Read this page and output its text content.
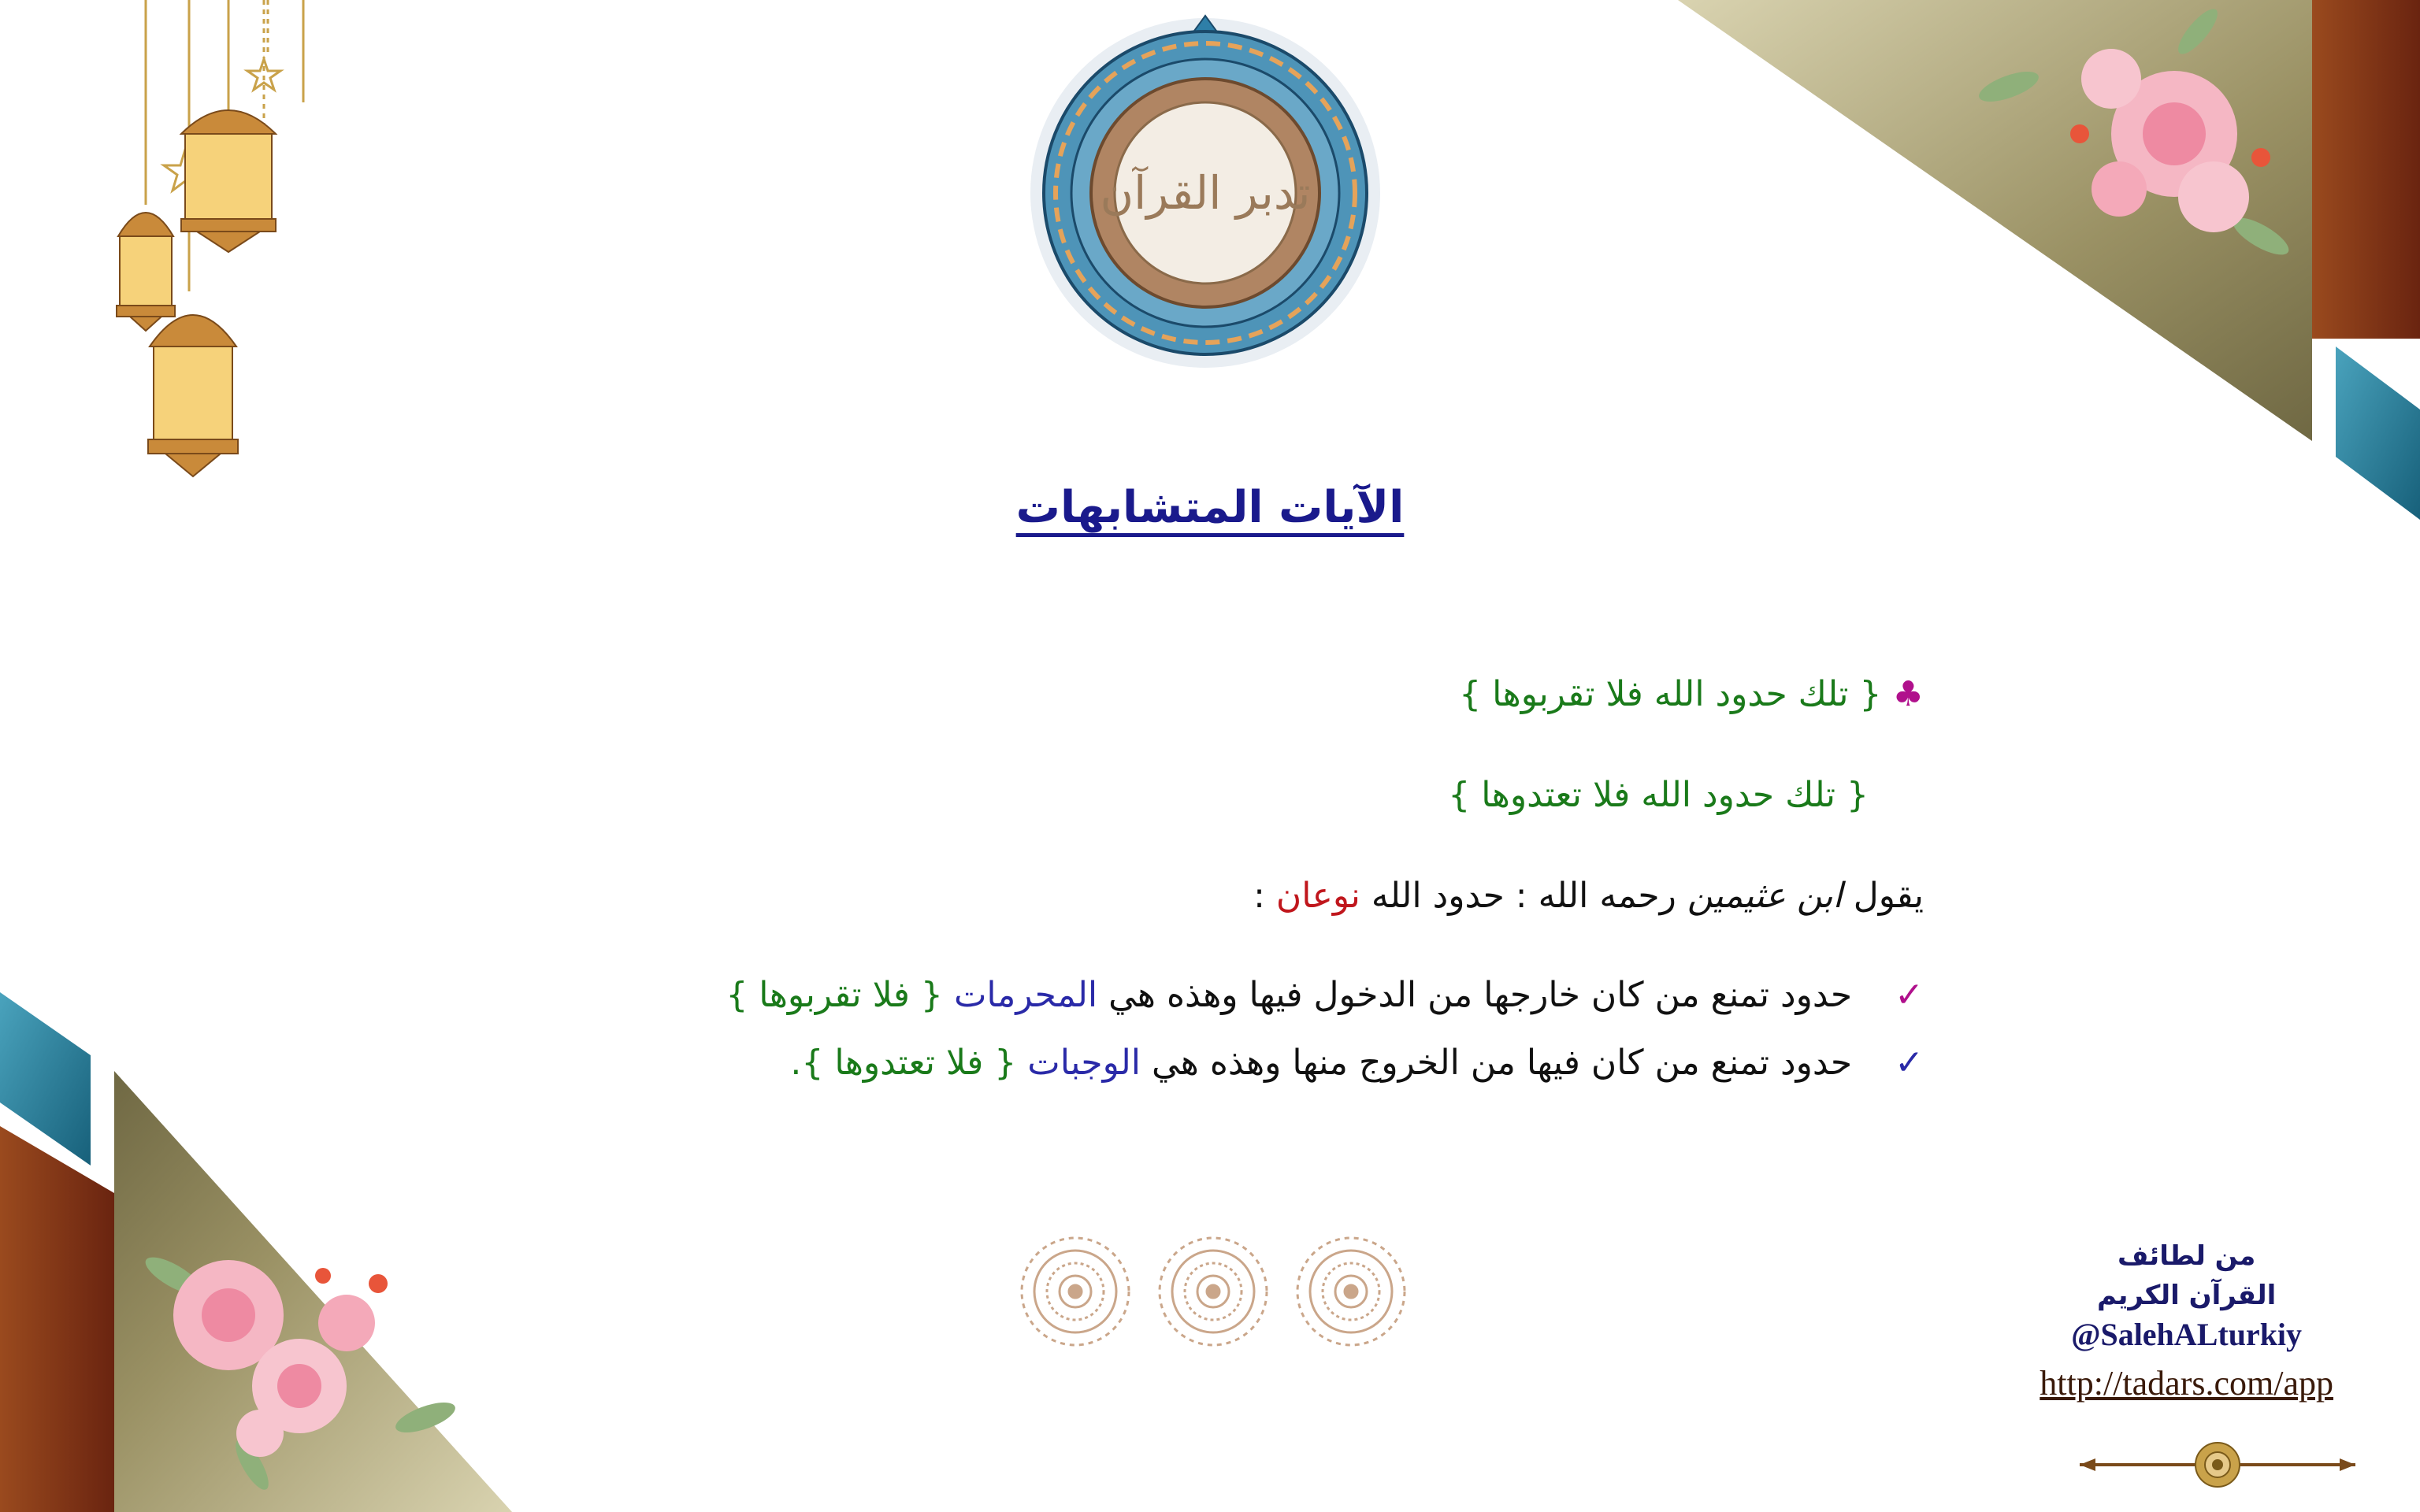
تدبر القرآن
الآيات المتشابهات
♣ { تلك حدود الله فلا تقربوها }
{ تلك حدود الله فلا تعتدوها }
يقول ابن عثيمين رحمه الله : حدود الله نوعان :
✓ حدود تمنع من كان خارجها من الدخول فيها وهذه هي المحرمات { فلا تقربوها }
✓ حدود تمنع من كان فيها من الخروج منها وهذه هي الوجبات { فلا تعتدوها }.
من لطائف
القرآن الكريم
@SalehALturkiy
http://tadars.com/app
